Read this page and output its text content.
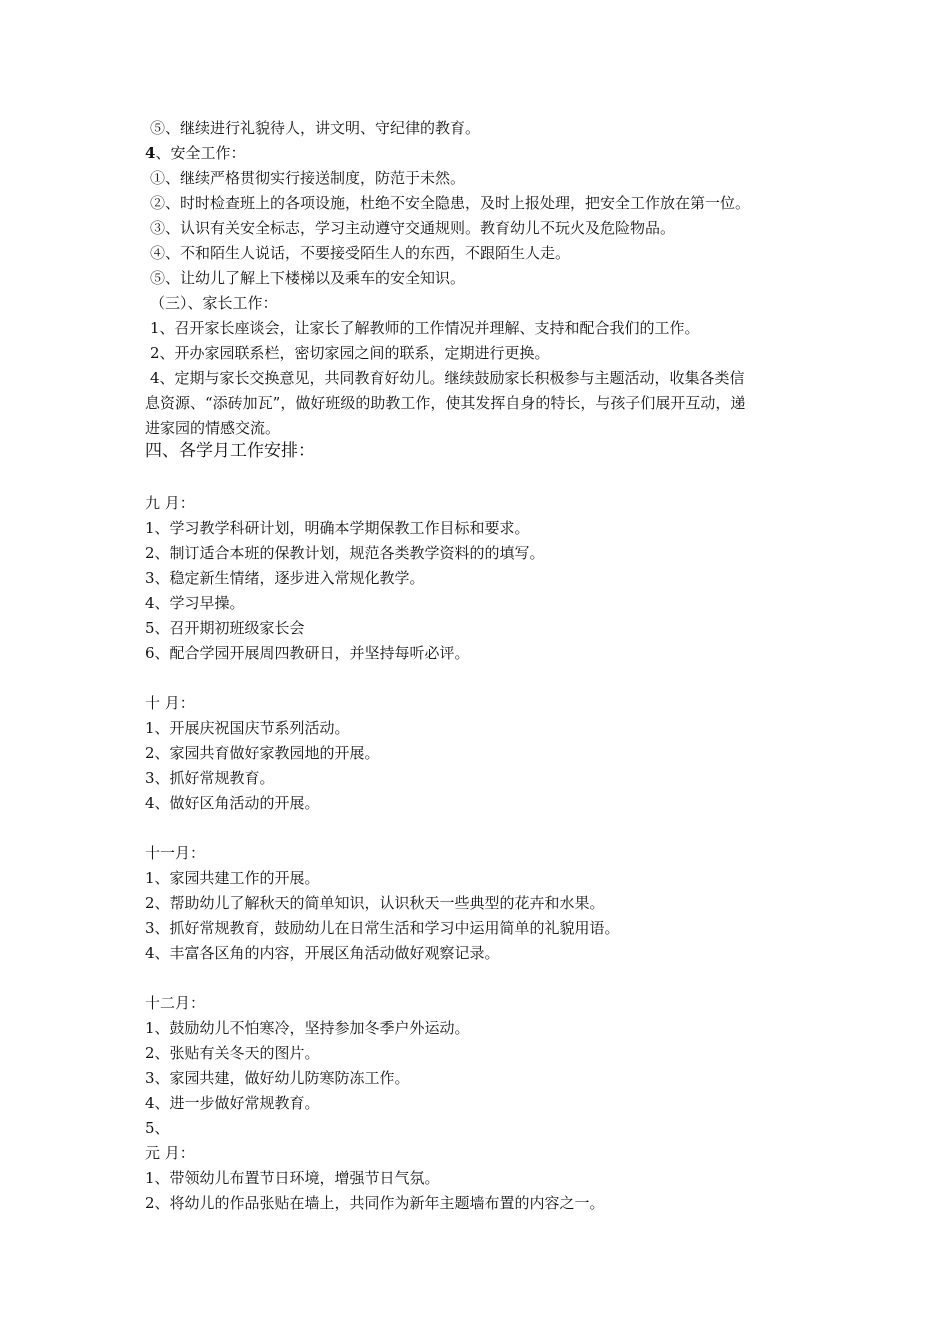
⑤、继续进行礼貌待人，讲文明、守纪律的教育。
4、安全工作：
①、继续严格贯彻实行接送制度，防范于未然。
②、时时检查班上的各项设施，杜绝不安全隐患，及时上报处理，把安全工作放在第一位。
③、认识有关安全标志，学习主动遵守交通规则。教育幼儿不玩火及危险物品。
④、不和陌生人说话，不要接受陌生人的东西，不跟陌生人走。
⑤、让幼儿了解上下楼梯以及乘车的安全知识。
（三）、家长工作：
1、召开家长座谈会，让家长了解教师的工作情况并理解、支持和配合我们的工作。
2、开办家园联系栏，密切家园之间的联系，定期进行更换。
4、定期与家长交换意见，共同教育好幼儿。继续鼓励家长积极参与主题活动，收集各类信
息资源、“添砖加瓦”，做好班级的助教工作，使其发挥自身的特长，与孩子们展开互动，递
进家园的情感交流。
四、各学月工作安排：
九 月：
1、学习教学科研计划，明确本学期保教工作目标和要求。
2、制订适合本班的保教计划，规范各类教学资料的的填写。
3、稳定新生情绪，逐步进入常规化教学。
4、学习早操。
5、召开期初班级家长会
6、配合学园开展周四教研日，并坚持每听必评。
十 月：
1、开展庆祝国庆节系列活动。
2、家园共育做好家教园地的开展。
3、抓好常规教育。
4、做好区角活动的开展。
十一月：
1、家园共建工作的开展。
2、帮助幼儿了解秋天的简单知识，认识秋天一些典型的花卉和水果。
3、抓好常规教育，鼓励幼儿在日常生活和学习中运用简单的礼貌用语。
4、丰富各区角的内容，开展区角活动做好观察记录。
十二月：
1、鼓励幼儿不怕寒冷，坚持参加冬季户外运动。
2、张贴有关冬天的图片。
3、家园共建，做好幼儿防寒防冻工作。
4、进一步做好常规教育。
5、
元 月：
1、带领幼儿布置节日环境，增强节日气氛。
2、将幼儿的作品张贴在墙上，共同作为新年主题墙布置的内容之一。
